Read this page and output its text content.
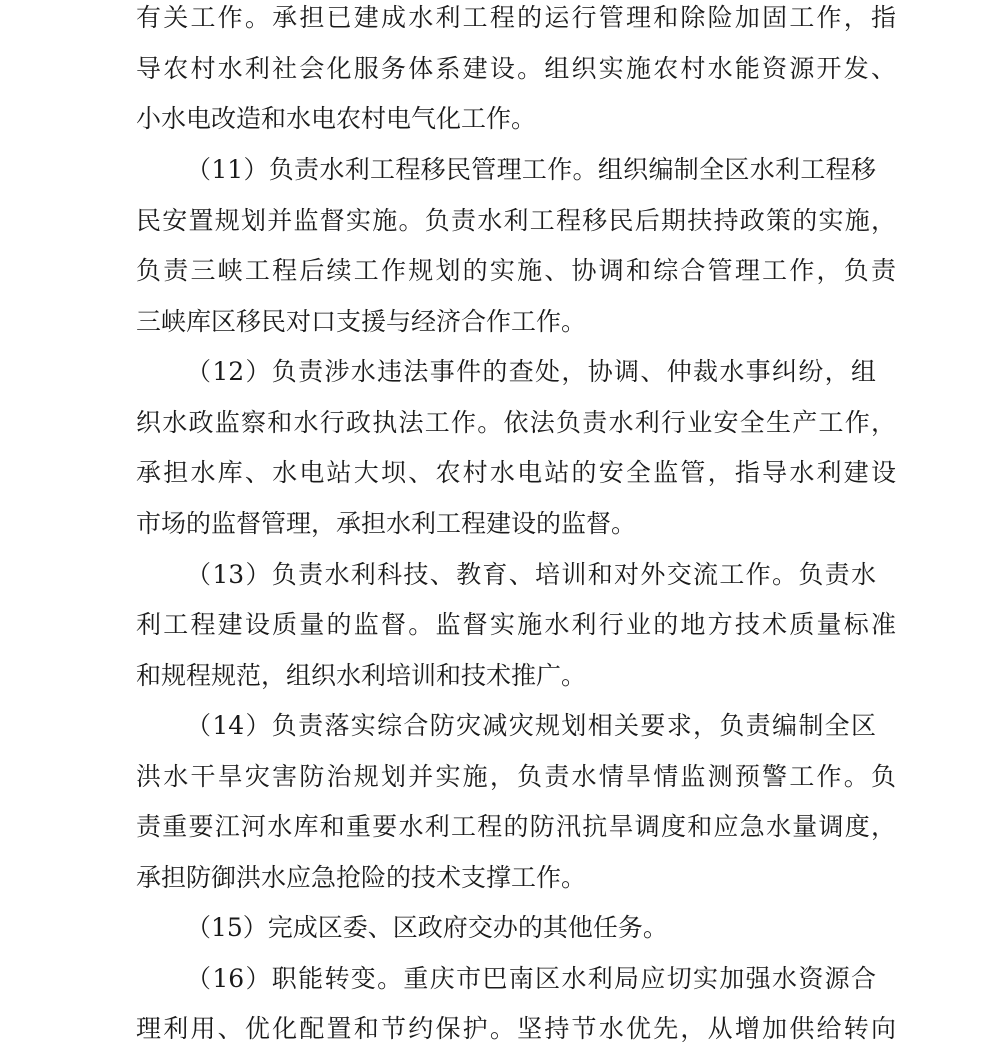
有关工作。承担已建成水利工程的运行管理和除险加固工作，指
导农村水利社会化服务体系建设。组织实施农村水能资源开发、
小水电改造和水电农村电气化工作。
（11）负责水利工程移民管理工作。组织编制全区水利工程移
民安置规划并监督实施。负责水利工程移民后期扶持政策的实施，
负责三峡工程后续工作规划的实施、协调和综合管理工作，负责
三峡库区移民对口支援与经济合作工作。
（12）负责涉水违法事件的查处，协调、仲裁水事纠纷，组
织水政监察和水行政执法工作。依法负责水利行业安全生产工作，
承担水库、水电站大坝、农村水电站的安全监管，指导水利建设
市场的监督管理，承担水利工程建设的监督。
（13）负责水利科技、教育、培训和对外交流工作。负责水
利工程建设质量的监督。监督实施水利行业的地方技术质量标准
和规程规范，组织水利培训和技术推广。
（14）负责落实综合防灾减灾规划相关要求，负责编制全区
洪水干旱灾害防治规划并实施，负责水情旱情监测预警工作。负
责重要江河水库和重要水利工程的防汛抗旱调度和应急水量调度，
承担防御洪水应急抢险的技术支撑工作。
（15）完成区委、区政府交办的其他任务。
（16）职能转变。重庆市巴南区水利局应切实加强水资源合
理利用、优化配置和节约保护。坚持节水优先，从增加供给转向
